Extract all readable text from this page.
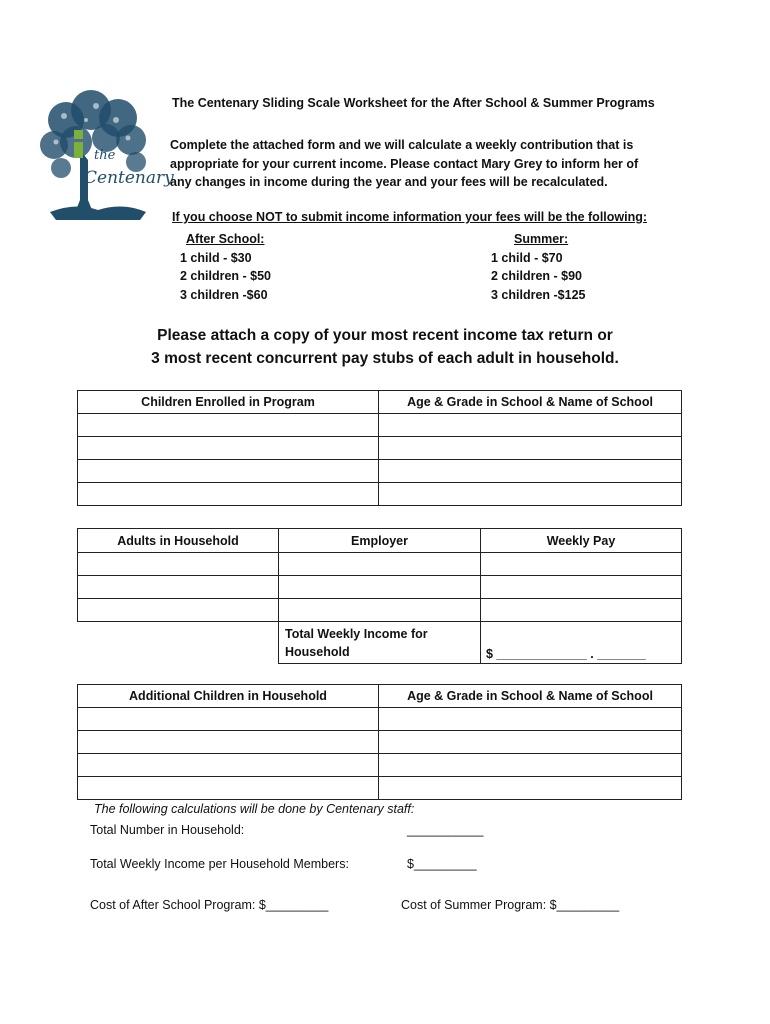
the
Centenary
The Centenary Sliding Scale Worksheet for the After School & Summer Programs
Complete the attached form and we will calculate a weekly contribution that is
appropriate for your current income. Please contact Mary Grey to inform her of
any changes in income during the year and your fees will be recalculated.
If you choose NOT to submit income information your fees will be the following:
After School:
1 child - $30
2 children - $50
3 children -$60
Summer:
1 child - $70
2 children - $90
3 children -$125
Please attach a copy of your most recent income tax return or
3 most recent concurrent pay stubs of each adult in household.
Children Enrolled in Program	Age & Grade in School & Name of School

Adults in Household	Employer	Weekly Pay

	Total Weekly Income for
Household	$ _____________ . _______
Additional Children in Household	Age & Grade in School & Name of School

The following calculations will be done by Centenary staff:
Total Number in Household:	___________
Total Weekly Income per Household Members:	$_________
Cost of After School Program: $_________	Cost of Summer Program: $_________
